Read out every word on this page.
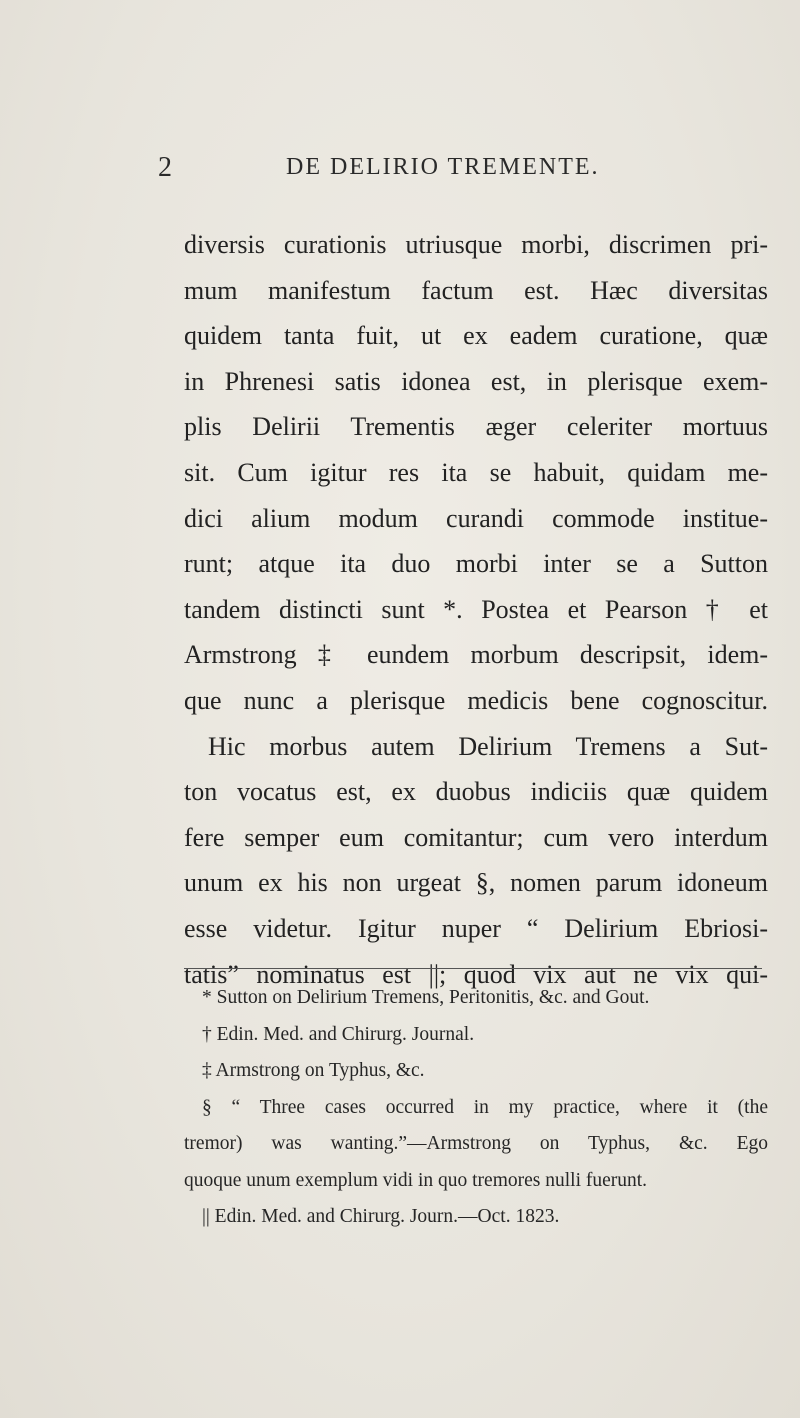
2	DE DELIRIO TREMENTE.
diversis curationis utriusque morbi, discrimen pri-
mum manifestum factum est. Hæc diversitas
quidem tanta fuit, ut ex eadem curatione, quæ
in Phrenesi satis idonea est, in plerisque exem-
plis Delirii Trementis æger celeriter mortuus
sit. Cum igitur res ita se habuit, quidam me-
dici alium modum curandi commode institue-
runt; atque ita duo morbi inter se a Sutton
tandem distincti sunt *. Postea et Pearson † et
Armstrong ‡ eundem morbum descripsit, idem-
que nunc a plerisque medicis bene cognoscitur.
Hic morbus autem Delirium Tremens a Sut-
ton vocatus est, ex duobus indiciis quæ quidem
fere semper eum comitantur; cum vero interdum
unum ex his non urgeat §, nomen parum idoneum
esse videtur. Igitur nuper “ Delirium Ebriosi-
tatis” nominatus est ||; quod vix aut ne vix qui-
* Sutton on Delirium Tremens, Peritonitis, &c. and Gout.
† Edin. Med. and Chirurg. Journal.
‡ Armstrong on Typhus, &c.
§ “ Three cases occurred in my practice, where it (the
tremor) was wanting.”—Armstrong on Typhus, &c. Ego
quoque unum exemplum vidi in quo tremores nulli fuerunt.
|| Edin. Med. and Chirurg. Journ.—Oct. 1823.
